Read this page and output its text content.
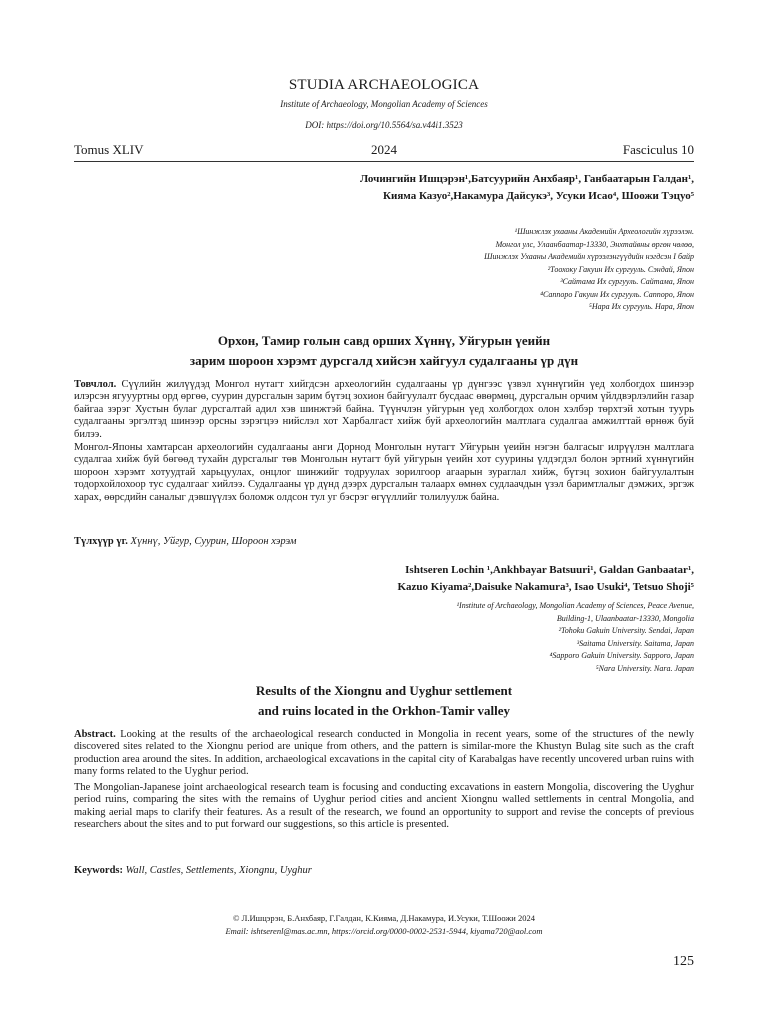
STUDIA ARCHAEOLOGICA
Institute of Archaeology, Mongolian Academy of Sciences
DOI: https://doi.org/10.5564/sa.v44i1.3523
Tomus XLIV	2024	Fasciculus 10
Лочингийн Ишцэрэн¹,Батсуурийн Анхбаяр¹, Ганбаатарын Галдан¹,
Кияма Казуо²,Накамура Дайсукэ³, Усуки Исао⁴, Шоожи Тэцуо⁵
¹Шинжлэх ухааны Академийн Археологийн хүрээлэн.
Монгол улс, Улаанбаатар-13330, Энхтайвны өргөн чөлөө,
Шинжлэх Ухааны Академийн хүрээлэнгүүдийн нэгдсэн I байр
²Тоохоку Гакуин Их сургууль. Сэндай, Япон
³Сайтама Их сургууль. Сайтама, Япон
⁴Саппоро Гакуин Их сургууль. Саппоро, Япон
⁵Нара Их сургууль. Нара, Япон
Орхон, Тамир голын савд орших Хүннү, Уйгурын үеийн
зарим шороон хэрэмт дурсгалд хийсэн хайгуул судалгааны үр дүн

Товчлол. Сүүлийн жилүүдэд Монгол нутагт хийгдсэн археологийн судалгааны үр дүнгээс үзвэл хүннүгийн үед холбогдох шинээр илэрсэн ягуууртны орд өргөө, суурин дурсгалын зарим бүтэц зохион байгуулалт бусдаас өвөрмөц, дурсгалын орчим үйлдвэрлэлийн газар байгаа зэрэг Хустын булаг дурсгалтай адил хэв шинжтэй байна. Түүнчлэн уйгурын үед холбогдох олон хэлбэр төрхтэй хотын туурь судалгааны эргэлтэд шинээр орсны зэрэгцээ нийслэл хот Харбалгаст хийж буй археологийн малтлага судалгаа амжилттай өрнөж буй билээ.

Монгол-Японы хамтарсан археологийн судалгааны анги Дорнод Монголын нутагт Уйгурын үеийн нэгэн балгасыг илрүүлэн малтлага судалгаа хийж буй бөгөөд тухайн дурсгалыг төв Монголын нутагт буй уйгурын үеийн хот суурины үлдэгдэл болон эртний хүннүгийн шороон хэрэмт хотуудтай харьцуулах, онцлог шинжийг тодруулах зорилгоор агаарын зураглал хийж, бүтэц зохион байгуулалтын тодорхойлохоор тус судалгааг хийлээ. Судалгааны үр дүнд дээрх дурсгалын талаарх өмнөх судлаачдын үзэл баримтлалыг дэмжих, эргэж харах, өөрсдийн саналыг дэвшүүлэх боломж олдсон тул уг бэсрэг өгүүллийг толилуулж байна.

Түлхүүр үг. Хүннү, Уйгур, Суурин, Шороон хэрэм
Ishtseren Lochin ¹,Ankhbayar Batsuuri¹, Galdan Ganbaatar¹,
Kazuo Kiyama²,Daisuke Nakamura³, Isao Usuki⁴, Tetsuo Shoji⁵
¹Institute of Archaeology, Mongolian Academy of Sciences, Peace Avenue,
Building-1, Ulaanbaatar-13330, Mongolia
²Tohoku Gakuin University. Sendai, Japan
³Saitama University. Saitama, Japan
⁴Sapporo Gakuin University. Sapporo, Japan
⁵Nara University. Nara. Japan
Results of the Xiongnu and Uyghur settlement
and ruins located in the Orkhon-Tamir valley

Abstract. Looking at the results of the archaeological research conducted in Mongolia in recent years, some of the structures of the newly discovered sites related to the Xiongnu period are unique from others, and the pattern is similar-more the Khustyn Bulag site such as the craft production area around the sites. In addition, archaeological excavations in the capital city of Karabalgas have recently uncovered urban ruins with many forms related to the Uyghur period.

The Mongolian-Japanese joint archaeological research team is focusing and conducting excavations in eastern Mongolia, discovering the Uyghur period ruins, comparing the sites with the remains of Uyghur period cities and ancient Xiongnu walled settlements in central Mongolia, and making aerial maps to clarify their features. As a result of the research, we found an opportunity to support and revise the concepts of previous researchers about the sites and to put forward our suggestions, so this article is presented.

Keywords: Wall, Castles, Settlements, Xiongnu, Uyghur
© Л.Ишцэрэн, Б.Анхбаяр, Г.Галдан, К.Кияма, Д.Накамура, И.Усуки, Т.Шоожи 2024
Email: ishtserenl@mas.ac.mn, https://orcid.org/0000-0002-2531-5944, kiyama720@aol.com
125
